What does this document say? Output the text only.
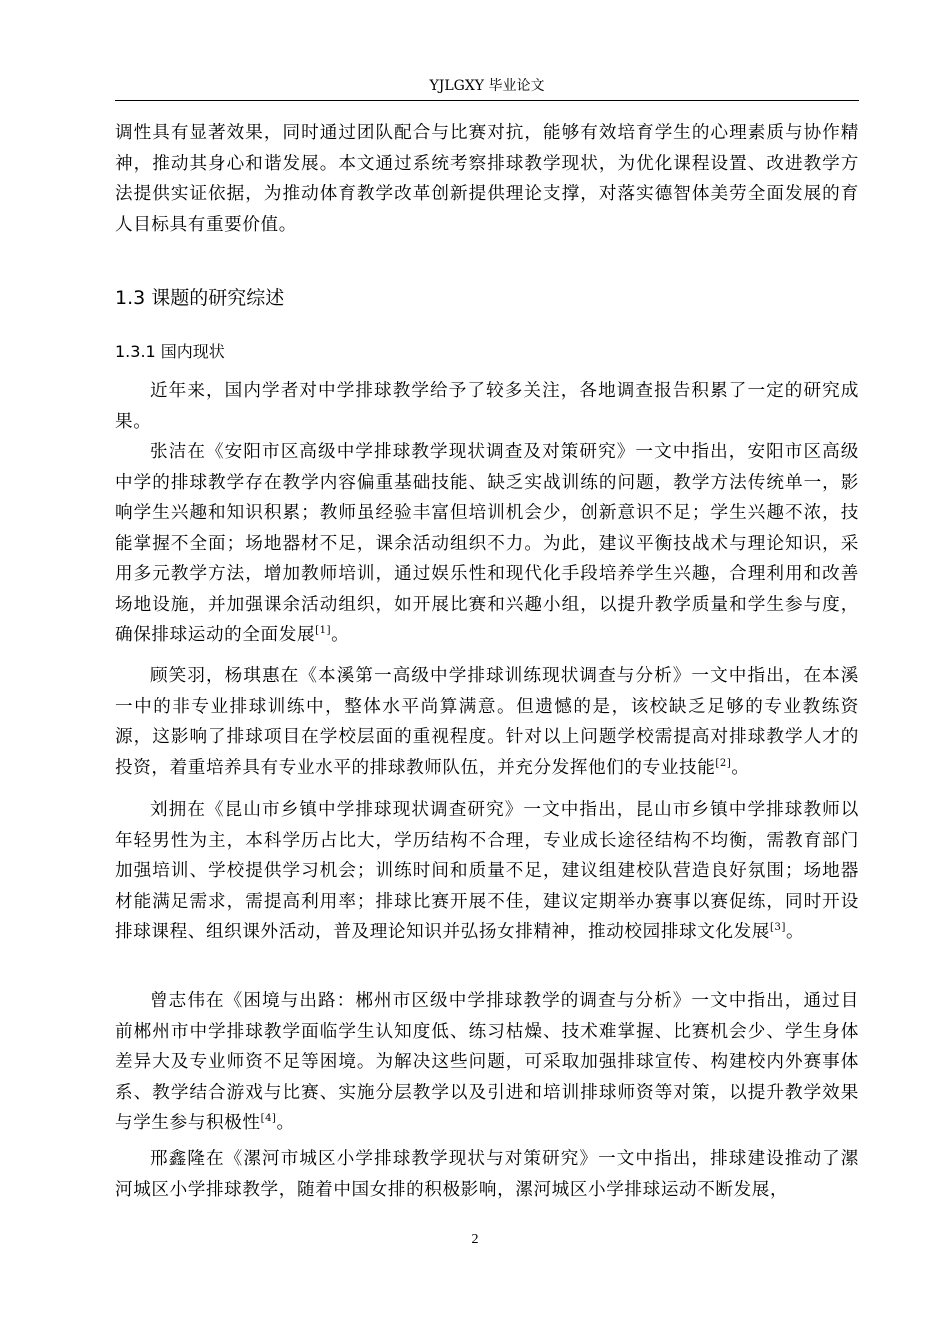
YJLGXY 毕业论文
调性具有显著效果，同时通过团队配合与比赛对抗，能够有效培育学生的心理素质与协作精神，推动其身心和谐发展。本文通过系统考察排球教学现状，为优化课程设置、改进教学方法提供实证依据，为推动体育教学改革创新提供理论支撑，对落实德智体美劳全面发展的育人目标具有重要价值。
1.3 课题的研究综述
1.3.1 国内现状
近年来，国内学者对中学排球教学给予了较多关注，各地调查报告积累了一定的研究成果。
张洁在《安阳市区高级中学排球教学现状调查及对策研究》一文中指出，安阳市区高级中学的排球教学存在教学内容偏重基础技能、缺乏实战训练的问题，教学方法传统单一，影响学生兴趣和知识积累；教师虽经验丰富但培训机会少，创新意识不足；学生兴趣不浓，技能掌握不全面；场地器材不足，课余活动组织不力。为此，建议平衡技战术与理论知识，采用多元教学方法，增加教师培训，通过娱乐性和现代化手段培养学生兴趣，合理利用和改善场地设施，并加强课余活动组织，如开展比赛和兴趣小组，以提升教学质量和学生参与度，确保排球运动的全面发展[1]。
顾笑羽，杨琪惠在《本溪第一高级中学排球训练现状调查与分析》一文中指出，在本溪一中的非专业排球训练中，整体水平尚算满意。但遗憾的是，该校缺乏足够的专业教练资源，这影响了排球项目在学校层面的重视程度。针对以上问题学校需提高对排球教学人才的投资，着重培养具有专业水平的排球教师队伍，并充分发挥他们的专业技能[2]。
刘拥在《昆山市乡镇中学排球现状调查研究》一文中指出，昆山市乡镇中学排球教师以年轻男性为主，本科学历占比大，学历结构不合理，专业成长途径结构不均衡，需教育部门加强培训、学校提供学习机会；训练时间和质量不足，建议组建校队营造良好氛围；场地器材能满足需求，需提高利用率；排球比赛开展不佳，建议定期举办赛事以赛促练，同时开设排球课程、组织课外活动，普及理论知识并弘扬女排精神，推动校园排球文化发展[3]。
曾志伟在《困境与出路：郴州市区级中学排球教学的调查与分析》一文中指出，通过目前郴州市中学排球教学面临学生认知度低、练习枯燥、技术难掌握、比赛机会少、学生身体差异大及专业师资不足等困境。为解决这些问题，可采取加强排球宣传、构建校内外赛事体系、教学结合游戏与比赛、实施分层教学以及引进和培训排球师资等对策，以提升教学效果与学生参与积极性[4]。
邢鑫隆在《漯河市城区小学排球教学现状与对策研究》一文中指出，排球建设推动了漯河城区小学排球教学，随着中国女排的积极影响，漯河城区小学排球运动不断发展，
2
